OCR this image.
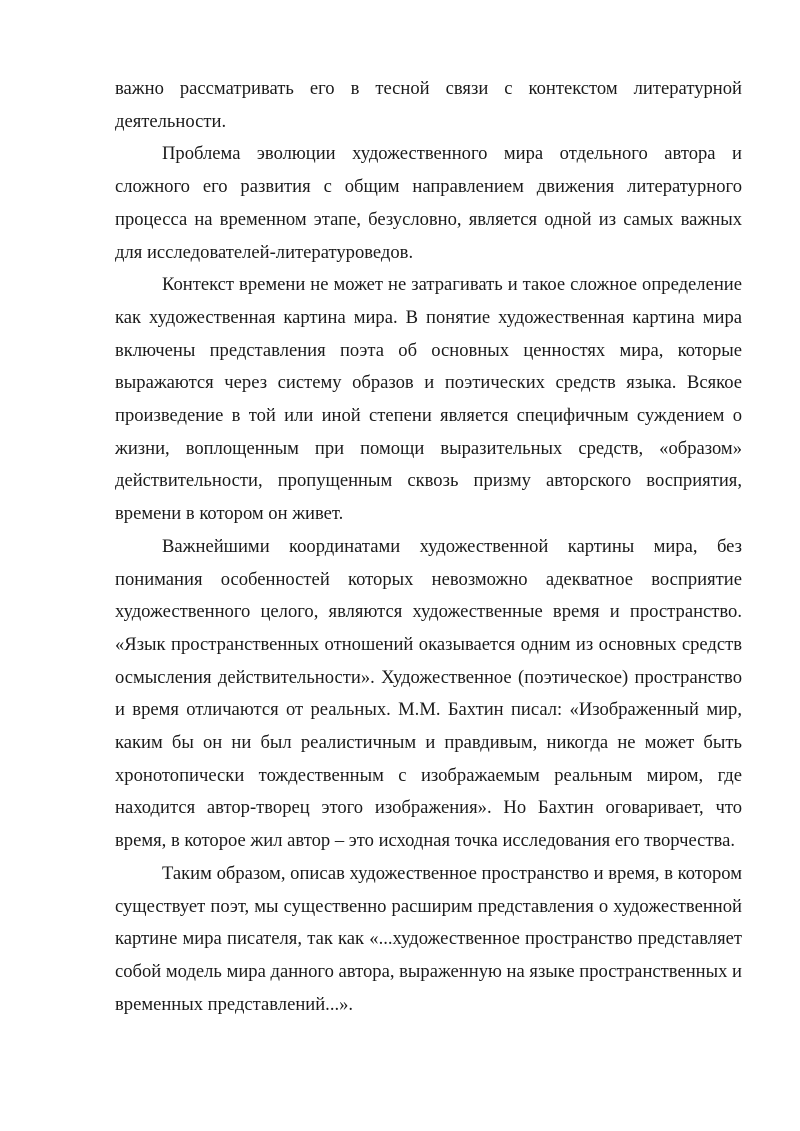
важно рассматривать его в тесной связи с контекстом литературной деятельности.

Проблема эволюции художественного мира отдельного автора и сложного его развития с общим направлением движения литературного процесса на временном этапе, безусловно, является одной из самых важных для исследователей-литературоведов.

Контекст времени не может не затрагивать и такое сложное определение как художественная картина мира. В понятие художественная картина мира включены представления поэта об основных ценностях мира, которые выражаются через систему образов и поэтических средств языка. Всякое произведение в той или иной степени является специфичным суждением о жизни, воплощенным при помощи выразительных средств, «образом» действительности, пропущенным сквозь призму авторского восприятия, времени в котором он живет.

Важнейшими координатами художественной картины мира, без понимания особенностей которых невозможно адекватное восприятие художественного целого, являются художественные время и пространство. «Язык пространственных отношений оказывается одним из основных средств осмысления действительности». Художественное (поэтическое) пространство и время отличаются от реальных. М.М. Бахтин писал: «Изображенный мир, каким бы он ни был реалистичным и правдивым, никогда не может быть хронотопически тождественным с изображаемым реальным миром, где находится автор-творец этого изображения». Но Бахтин оговаривает, что время, в которое жил автор – это исходная точка исследования его творчества.

Таким образом, описав художественное пространство и время, в котором существует поэт, мы существенно расширим представления о художественной картине мира писателя, так как «...художественное пространство представляет собой модель мира данного автора, выраженную на языке пространственных и временных представлений...».
